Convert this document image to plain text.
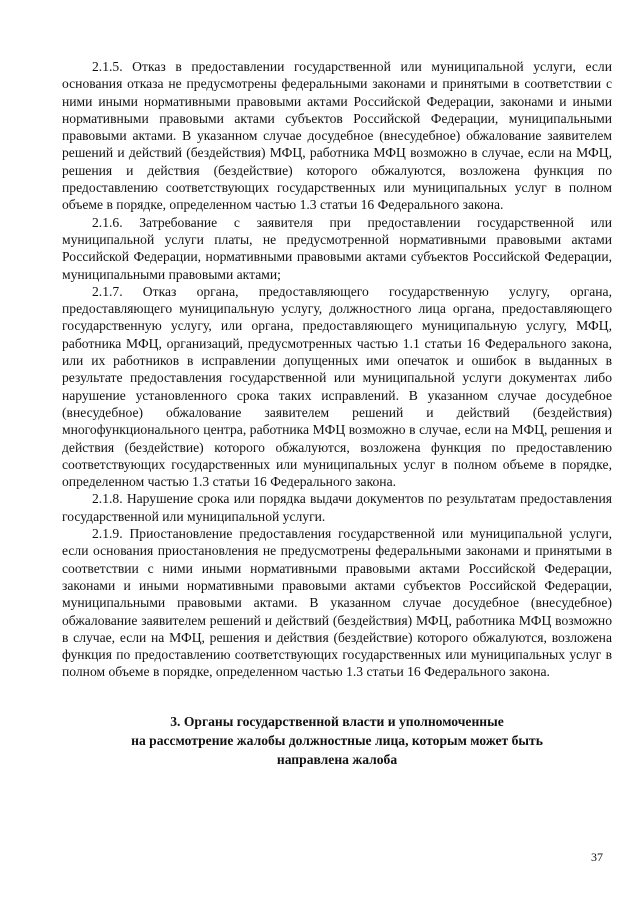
2.1.5. Отказ в предоставлении государственной или муниципальной услуги, если основания отказа не предусмотрены федеральными законами и принятыми в соответствии с ними иными нормативными правовыми актами Российской Федерации, законами и иными нормативными правовыми актами субъектов Российской Федерации, муниципальными правовыми актами. В указанном случае досудебное (внесудебное) обжалование заявителем решений и действий (бездействия) МФЦ, работника МФЦ возможно в случае, если на МФЦ, решения и действия (бездействие) которого обжалуются, возложена функция по предоставлению соответствующих государственных или муниципальных услуг в полном объеме в порядке, определенном частью 1.3 статьи 16 Федерального закона.

2.1.6. Затребование с заявителя при предоставлении государственной или муниципальной услуги платы, не предусмотренной нормативными правовыми актами Российской Федерации, нормативными правовыми актами субъектов Российской Федерации, муниципальными правовыми актами;

2.1.7. Отказ органа, предоставляющего государственную услугу, органа, предоставляющего муниципальную услугу, должностного лица органа, предоставляющего государственную услугу, или органа, предоставляющего муниципальную услугу, МФЦ, работника МФЦ, организаций, предусмотренных частью 1.1 статьи 16 Федерального закона, или их работников в исправлении допущенных ими опечаток и ошибок в выданных в результате предоставления государственной или муниципальной услуги документах либо нарушение установленного срока таких исправлений. В указанном случае досудебное (внесудебное) обжалование заявителем решений и действий (бездействия) многофункционального центра, работника МФЦ возможно в случае, если на МФЦ, решения и действия (бездействие) которого обжалуются, возложена функция по предоставлению соответствующих государственных или муниципальных услуг в полном объеме в порядке, определенном частью 1.3 статьи 16 Федерального закона.

2.1.8. Нарушение срока или порядка выдачи документов по результатам предоставления государственной или муниципальной услуги.

2.1.9. Приостановление предоставления государственной или муниципальной услуги, если основания приостановления не предусмотрены федеральными законами и принятыми в соответствии с ними иными нормативными правовыми актами Российской Федерации, законами и иными нормативными правовыми актами субъектов Российской Федерации, муниципальными правовыми актами. В указанном случае досудебное (внесудебное) обжалование заявителем решений и действий (бездействия) МФЦ, работника МФЦ возможно в случае, если на МФЦ, решения и действия (бездействие) которого обжалуются, возложена функция по предоставлению соответствующих государственных или муниципальных услуг в полном объеме в порядке, определенном частью 1.3 статьи 16 Федерального закона.

3. Органы государственной власти и уполномоченные
на рассмотрение жалобы должностные лица, которым может быть
направлена жалоба
37
